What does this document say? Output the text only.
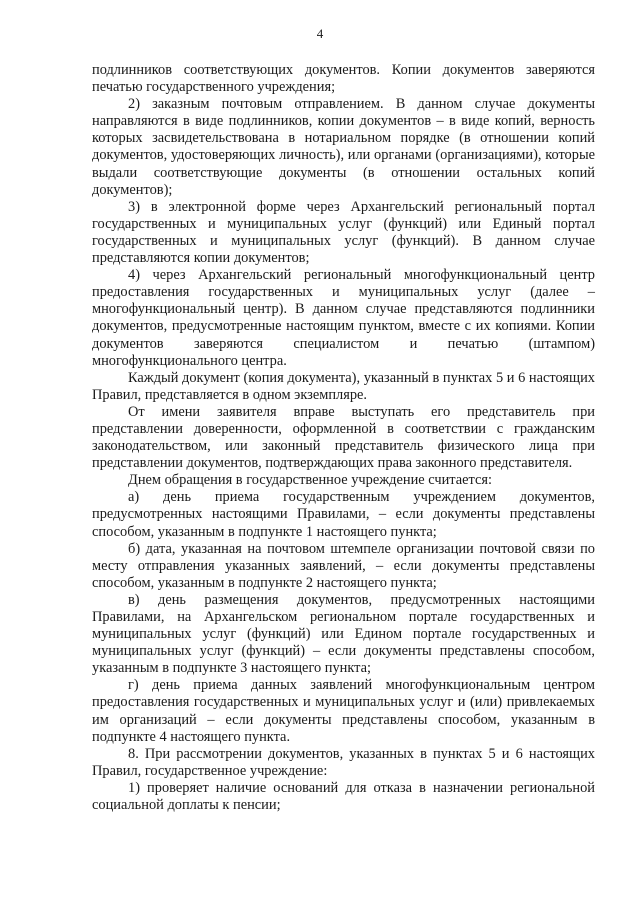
4

подлинников соответствующих документов. Копии документов заверяются печатью государственного учреждения;

2) заказным почтовым отправлением. В данном случае документы направляются в виде подлинников, копии документов – в виде копий, верность которых засвидетельствована в нотариальном порядке (в отношении копий документов, удостоверяющих личность), или органами (организациями), которые выдали соответствующие документы (в отношении остальных копий документов);

3) в электронной форме через Архангельский региональный портал государственных и муниципальных услуг (функций) или Единый портал государственных и муниципальных услуг (функций). В данном случае представляются копии документов;

4) через Архангельский региональный многофункциональный центр предоставления государственных и муниципальных услуг (далее – многофункциональный центр). В данном случае представляются подлинники документов, предусмотренные настоящим пунктом, вместе с их копиями. Копии документов заверяются специалистом и печатью (штампом) многофункционального центра.

Каждый документ (копия документа), указанный в пунктах 5 и 6 настоящих Правил, представляется в одном экземпляре.

От имени заявителя вправе выступать его представитель при представлении доверенности, оформленной в соответствии с гражданским законодательством, или законный представитель физического лица при представлении документов, подтверждающих права законного представителя.

Днем обращения в государственное учреждение считается:

а) день приема государственным учреждением документов, предусмотренных настоящими Правилами, – если документы представлены способом, указанным в подпункте 1 настоящего пункта;

б) дата, указанная на почтовом штемпеле организации почтовой связи по месту отправления указанных заявлений, – если документы представлены способом, указанным в подпункте 2 настоящего пункта;

в) день размещения документов, предусмотренных настоящими Правилами, на Архангельском региональном портале государственных и муниципальных услуг (функций) или Едином портале государственных и муниципальных услуг (функций) – если документы представлены способом, указанным в подпункте 3 настоящего пункта;

г) день приема данных заявлений многофункциональным центром предоставления государственных и муниципальных услуг и (или) привлекаемых им организаций – если документы представлены способом, указанным в подпункте 4 настоящего пункта.

8. При рассмотрении документов, указанных в пунктах 5 и 6 настоящих Правил, государственное учреждение:

1) проверяет наличие оснований для отказа в назначении региональной социальной доплаты к пенсии;
